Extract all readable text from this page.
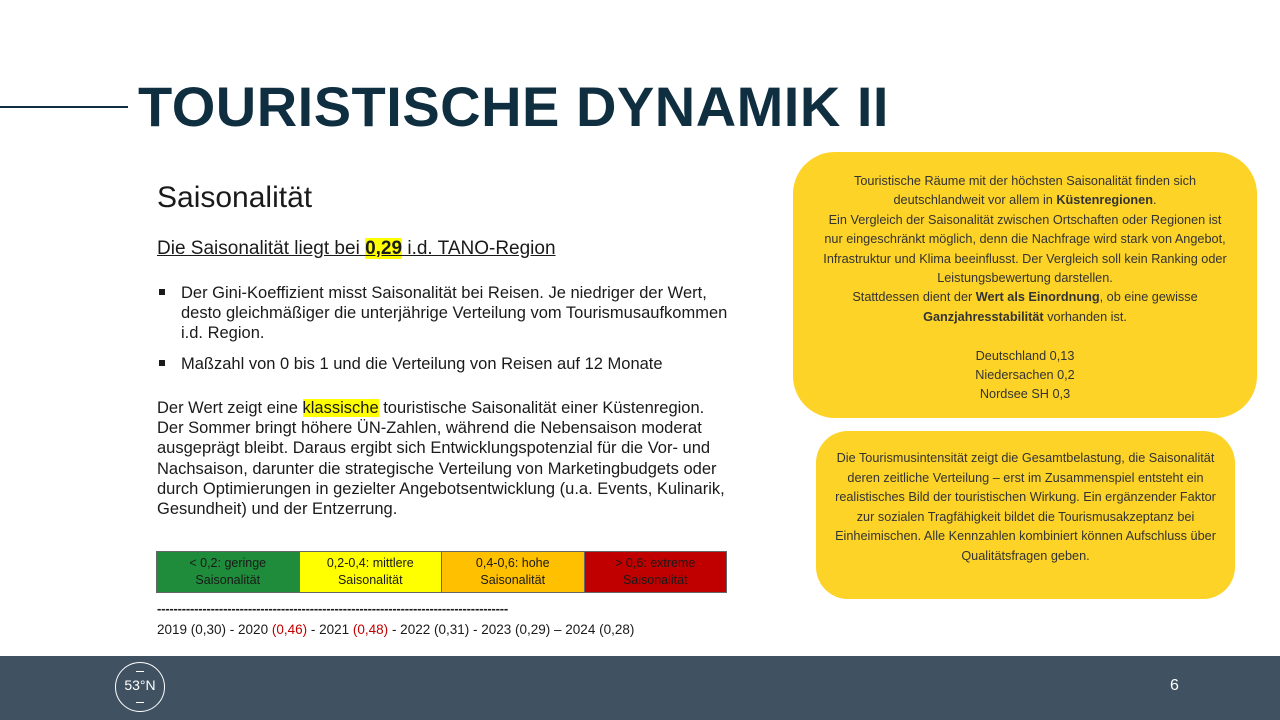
TOURISTISCHE DYNAMIK II
Saisonalität
Die Saisonalität liegt bei 0,29 i.d. TANO-Region
Der Gini-Koeffizient misst Saisonalität bei Reisen. Je niedriger der Wert, desto gleichmäßiger die unterjährige Verteilung vom Tourismusaufkommen i.d. Region.
Maßzahl von 0 bis 1 und die Verteilung von Reisen auf 12 Monate
Der Wert zeigt eine klassische touristische Saisonalität einer Küstenregion. Der Sommer bringt höhere ÜN-Zahlen, während die Nebensaison moderat ausgeprägt bleibt. Daraus ergibt sich Entwicklungspotenzial für die Vor- und Nachsaison, darunter die strategische Verteilung von Marketingbudgets oder durch Optimierungen in gezielter Angebotsentwicklung (u.a. Events, Kulinarik, Gesundheit) und der Entzerrung.
< 0,2: geringe
Saisonalität
0,2-0,4: mittlere
Saisonalität
0,4-0,6: hohe
Saisonalität
> 0,6: extreme
Saisonalität
-------------------------------------------------------------------------------------
2019 (0,30) - 2020 (0,46) - 2021 (0,48) - 2022 (0,31) - 2023 (0,29) – 2024 (0,28)
Touristische Räume mit der höchsten Saisonalität finden sich deutschlandweit vor allem in Küstenregionen.
Ein Vergleich der Saisonalität zwischen Ortschaften oder Regionen ist nur eingeschränkt möglich, denn die Nachfrage wird stark von Angebot, Infrastruktur und Klima beeinflusst. Der Vergleich soll kein Ranking oder Leistungsbewertung darstellen.
Stattdessen dient der Wert als Einordnung, ob eine gewisse Ganzjahresstabilität vorhanden ist.
Deutschland 0,13
Niedersachen 0,2
Nordsee SH 0,3
Die Tourismusintensität zeigt die Gesamtbelastung, die Saisonalität deren zeitliche Verteilung – erst im Zusammenspiel entsteht ein realistisches Bild der touristischen Wirkung. Ein ergänzender Faktor zur sozialen Tragfähigkeit bildet die Tourismusakzeptanz bei Einheimischen. Alle Kennzahlen kombiniert können Aufschluss über Qualitätsfragen geben.
53°N	6
